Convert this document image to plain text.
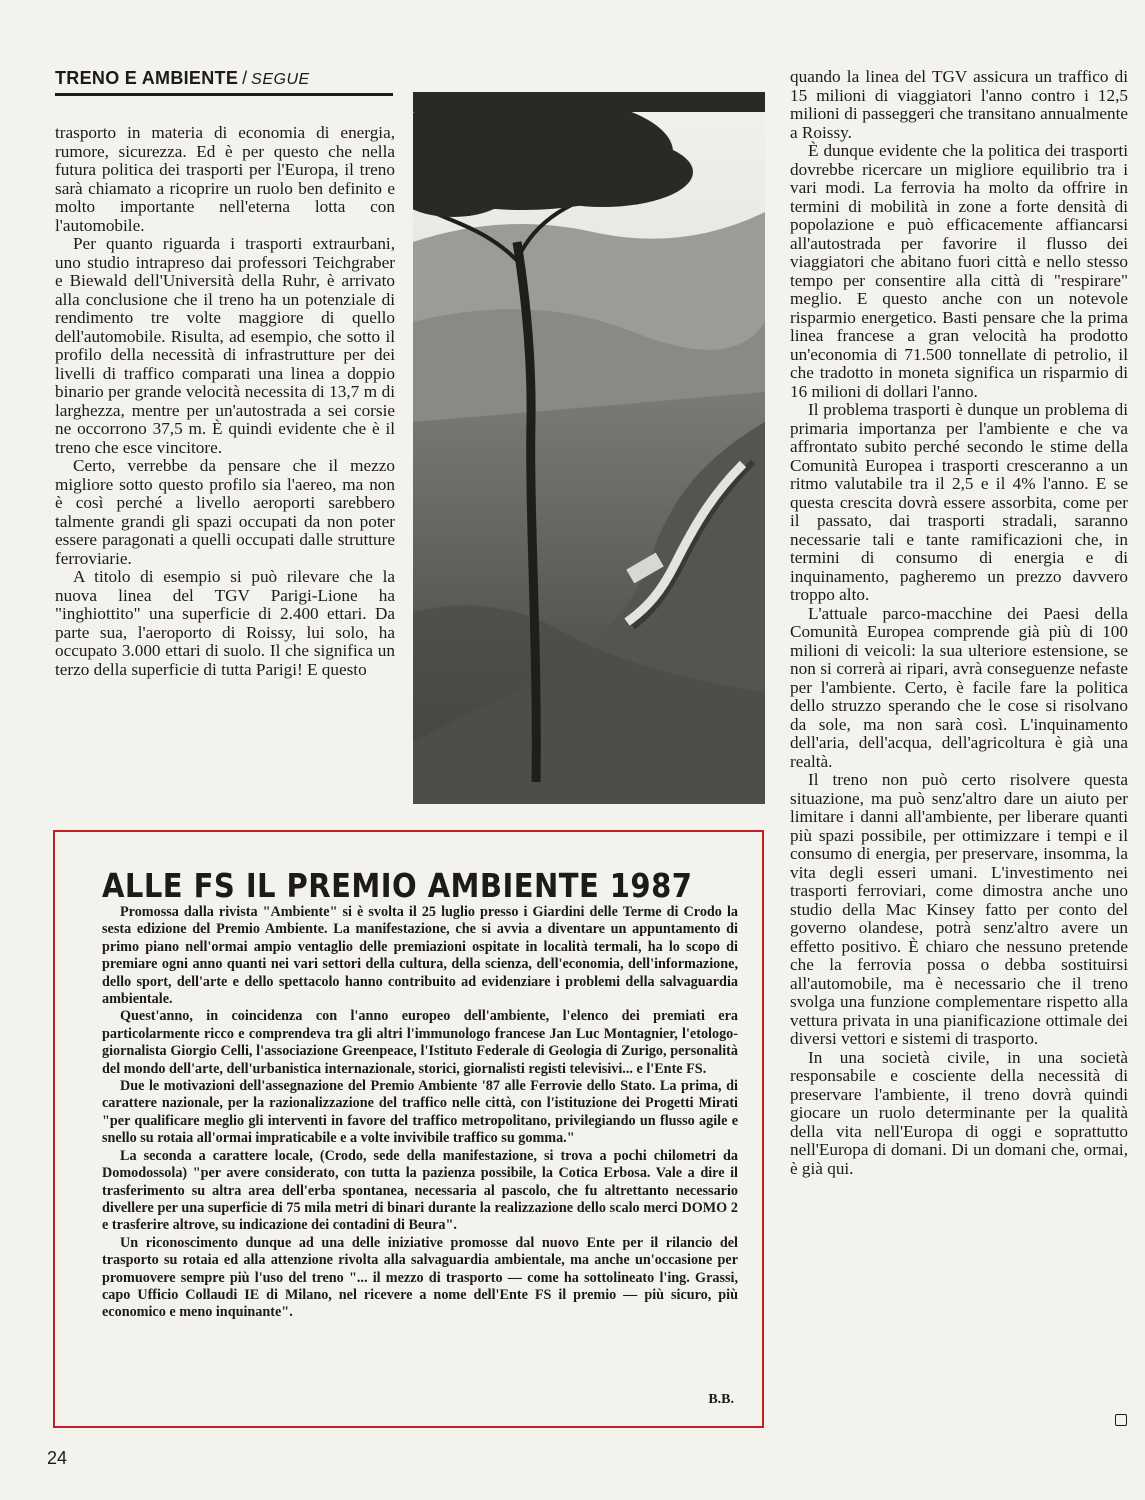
TRENO E AMBIENTE / SEGUE

trasporto in materia di economia di energia, rumore, sicurezza. Ed è per questo che nella futura politica dei trasporti per l'Europa, il treno sarà chiamato a ricoprire un ruolo ben definito e molto importante nell'eterna lotta con l'automobile.

Per quanto riguarda i trasporti extraurbani, uno studio intrapreso dai professori Teichgraber e Biewald dell'Università della Ruhr, è arrivato alla conclusione che il treno ha un potenziale di rendimento tre volte maggiore di quello dell'automobile. Risulta, ad esempio, che sotto il profilo della necessità di infrastrutture per dei livelli di traffico comparati una linea a doppio binario per grande velocità necessita di 13,7 m di larghezza, mentre per un'autostrada a sei corsie ne occorrono 37,5 m. È quindi evidente che è il treno che esce vincitore.

Certo, verrebbe da pensare che il mezzo migliore sotto questo profilo sia l'aereo, ma non è così perché a livello aeroporti sarebbero talmente grandi gli spazi occupati da non poter essere paragonati a quelli occupati dalle strutture ferroviarie.

A titolo di esempio si può rilevare che la nuova linea del TGV Parigi-Lione ha "inghiottito" una superficie di 2.400 ettari. Da parte sua, l'aeroporto di Roissy, lui solo, ha occupato 3.000 ettari di suolo. Il che significa un terzo della superficie di tutta Parigi! E questo

quando la linea del TGV assicura un traffico di 15 milioni di viaggiatori l'anno contro i 12,5 milioni di passeggeri che transitano annualmente a Roissy.

È dunque evidente che la politica dei trasporti dovrebbe ricercare un migliore equilibrio tra i vari modi. La ferrovia ha molto da offrire in termini di mobilità in zone a forte densità di popolazione e può efficacemente affiancarsi all'autostrada per favorire il flusso dei viaggiatori che abitano fuori città e nello stesso tempo per consentire alla città di "respirare" meglio. E questo anche con un notevole risparmio energetico. Basti pensare che la prima linea francese a gran velocità ha prodotto un'economia di 71.500 tonnellate di petrolio, il che tradotto in moneta significa un risparmio di 16 milioni di dollari l'anno.

Il problema trasporti è dunque un problema di primaria importanza per l'ambiente e che va affrontato subito perché secondo le stime della Comunità Europea i trasporti cresceranno a un ritmo valutabile tra il 2,5 e il 4% l'anno. E se questa crescita dovrà essere assorbita, come per il passato, dai trasporti stradali, saranno necessarie tali e tante ramificazioni che, in termini di consumo di energia e di inquinamento, pagheremo un prezzo davvero troppo alto.

L'attuale parco-macchine dei Paesi della Comunità Europea comprende già più di 100 milioni di veicoli: la sua ulteriore estensione, se non si correrà ai ripari, avrà conseguenze nefaste per l'ambiente. Certo, è facile fare la politica dello struzzo sperando che le cose si risolvano da sole, ma non sarà così. L'inquinamento dell'aria, dell'acqua, dell'agricoltura è già una realtà.

Il treno non può certo risolvere questa situazione, ma può senz'altro dare un aiuto per limitare i danni all'ambiente, per liberare quanti più spazi possibile, per ottimizzare i tempi e il consumo di energia, per preservare, insomma, la vita degli esseri umani. L'investimento nei trasporti ferroviari, come dimostra anche uno studio della Mac Kinsey fatto per conto del governo olandese, potrà senz'altro avere un effetto positivo. È chiaro che nessuno pretende che la ferrovia possa o debba sostituirsi all'automobile, ma è necessario che il treno svolga una funzione complementare rispetto alla vettura privata in una pianificazione ottimale dei diversi vettori e sistemi di trasporto.

In una società civile, in una società responsabile e cosciente della necessità di preservare l'ambiente, il treno dovrà quindi giocare un ruolo determinante per la qualità della vita nell'Europa di oggi e soprattutto nell'Europa di domani. Di un domani che, ormai, è già qui.

ALLE FS IL PREMIO AMBIENTE 1987

Promossa dalla rivista "Ambiente" si è svolta il 25 luglio presso i Giardini delle Terme di Crodo la sesta edizione del Premio Ambiente. La manifestazione, che si avvia a diventare un appuntamento di primo piano nell'ormai ampio ventaglio delle premiazioni ospitate in località termali, ha lo scopo di premiare ogni anno quanti nei vari settori della cultura, della scienza, dell'economia, dell'informazione, dello sport, dell'arte e dello spettacolo hanno contribuito ad evidenziare i problemi della salvaguardia ambientale.

Quest'anno, in coincidenza con l'anno europeo dell'ambiente, l'elenco dei premiati era particolarmente ricco e comprendeva tra gli altri l'immunologo francese Jan Luc Montagnier, l'etologo-giornalista Giorgio Celli, l'associazione Greenpeace, l'Istituto Federale di Geologia di Zurigo, personalità del mondo dell'arte, dell'urbanistica internazionale, storici, giornalisti registi televisivi... e l'Ente FS.

Due le motivazioni dell'assegnazione del Premio Ambiente '87 alle Ferrovie dello Stato. La prima, di carattere nazionale, per la razionalizzazione del traffico nelle città, con l'istituzione dei Progetti Mirati "per qualificare meglio gli interventi in favore del traffico metropolitano, privilegiando un flusso agile e snello su rotaia all'ormai impraticabile e a volte invivibile traffico su gomma."

La seconda a carattere locale, (Crodo, sede della manifestazione, si trova a pochi chilometri da Domodossola) "per avere considerato, con tutta la pazienza possibile, la Cotica Erbosa. Vale a dire il trasferimento su altra area dell'erba spontanea, necessaria al pascolo, che fu altrettanto necessario divellere per una superficie di 75 mila metri di binari durante la realizzazione dello scalo merci DOMO 2 e trasferire altrove, su indicazione dei contadini di Beura".

Un riconoscimento dunque ad una delle iniziative promosse dal nuovo Ente per il rilancio del trasporto su rotaia ed alla attenzione rivolta alla salvaguardia ambientale, ma anche un'occasione per promuovere sempre più l'uso del treno "... il mezzo di trasporto — come ha sottolineato l'ing. Grassi, capo Ufficio Collaudi IE di Milano, nel ricevere a nome dell'Ente FS il premio — più sicuro, più economico e meno inquinante".

B.B.
24
